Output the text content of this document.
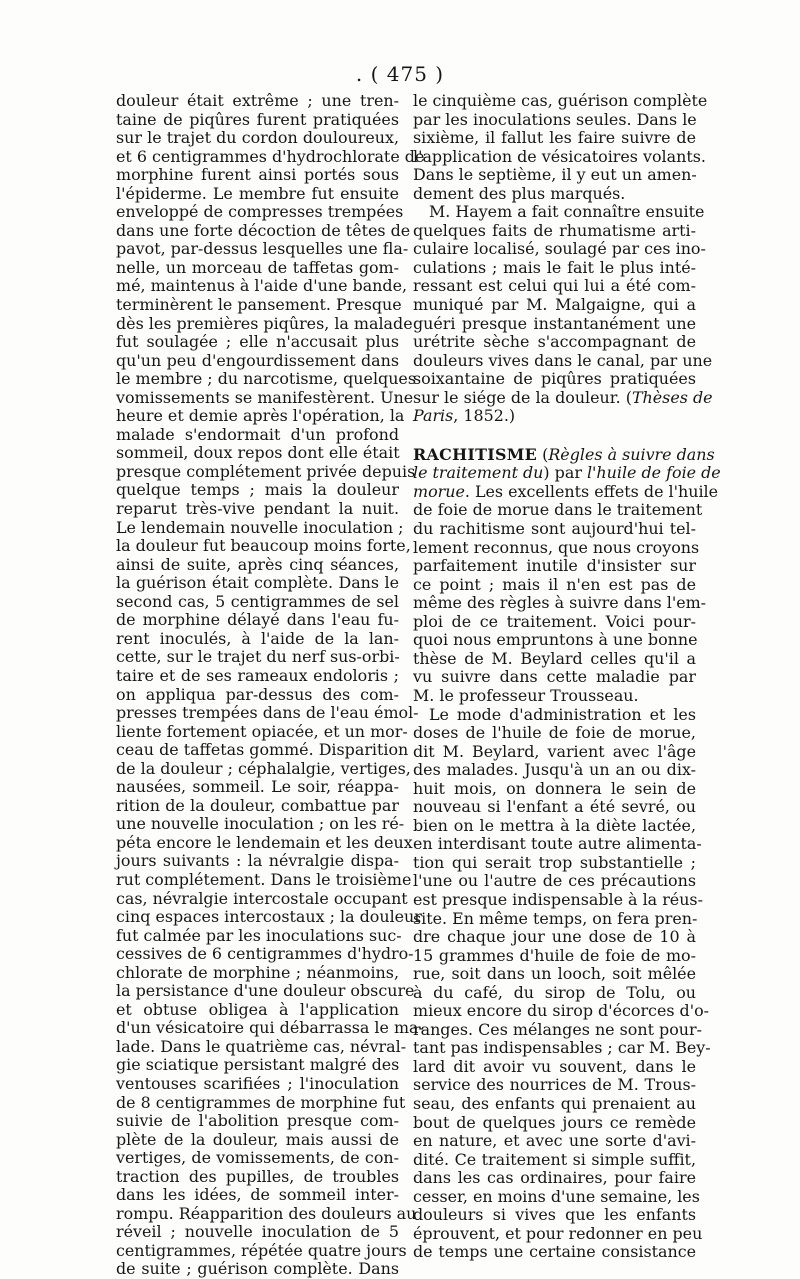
. ( 475 )
douleur était extrême ; une tren-
taine de piqûres furent pratiquées
sur le trajet du cordon douloureux,
et 6 centigrammes d'hydrochlorate de
morphine furent ainsi portés sous
l'épiderme. Le membre fut ensuite
enveloppé de compresses trempées
dans une forte décoction de têtes de
pavot, par-dessus lesquelles une fla-
nelle, un morceau de taffetas gom-
mé, maintenus à l'aide d'une bande,
terminèrent le pansement. Presque
dès les premières piqûres, la malade
fut soulagée ; elle n'accusait plus
qu'un peu d'engourdissement dans
le membre ; du narcotisme, quelques
vomissements se manifestèrent. Une
heure et demie après l'opération, la
malade s'endormait d'un profond
sommeil, doux repos dont elle était
presque complétement privée depuis
quelque temps ; mais la douleur
reparut très-vive pendant la nuit.
Le lendemain nouvelle inoculation ;
la douleur fut beaucoup moins forte,
ainsi de suite, après cinq séances,
la guérison était complète. Dans le
second cas, 5 centigrammes de sel
de morphine délayé dans l'eau fu-
rent inoculés, à l'aide de la lan-
cette, sur le trajet du nerf sus-orbi-
taire et de ses rameaux endoloris ;
on appliqua par-dessus des com-
presses trempées dans de l'eau émol-
liente fortement opiacée, et un mor-
ceau de taffetas gommé. Disparition
de la douleur ; céphalalgie, vertiges,
nausées, sommeil. Le soir, réappa-
rition de la douleur, combattue par
une nouvelle inoculation ; on les ré-
péta encore le lendemain et les deux
jours suivants : la névralgie dispa-
rut complétement. Dans le troisième
cas, névralgie intercostale occupant
cinq espaces intercostaux ; la douleur
fut calmée par les inoculations suc-
cessives de 6 centigrammes d'hydro-
chlorate de morphine ; néanmoins,
la persistance d'une douleur obscure
et obtuse obligea à l'application
d'un vésicatoire qui débarrassa le ma-
lade. Dans le quatrième cas, névral-
gie sciatique persistant malgré des
ventouses scarifiées ; l'inoculation
de 8 centigrammes de morphine fut
suivie de l'abolition presque com-
plète de la douleur, mais aussi de
vertiges, de vomissements, de con-
traction des pupilles, de troubles
dans les idées, de sommeil inter-
rompu. Réapparition des douleurs au
réveil ; nouvelle inoculation de 5
centigrammes, répétée quatre jours
de suite ; guérison complète. Dans
le cinquième cas, guérison complète
par les inoculations seules. Dans le
sixième, il fallut les faire suivre de
l'application de vésicatoires volants.
Dans le septième, il y eut un amen-
dement des plus marqués.
M. Hayem a fait connaître ensuite
quelques faits de rhumatisme arti-
culaire localisé, soulagé par ces ino-
culations ; mais le fait le plus inté-
ressant est celui qui lui a été com-
muniqué par M. Malgaigne, qui a
guéri presque instantanément une
urétrite sèche s'accompagnant de
douleurs vives dans le canal, par une
soixantaine de piqûres pratiquées
sur le siége de la douleur. (Thèses de
Paris, 1852.)
RACHITISME (Règles à suivre dans
le traitement du) par l'huile de foie de
morue. Les excellents effets de l'huile
de foie de morue dans le traitement
du rachitisme sont aujourd'hui tel-
lement reconnus, que nous croyons
parfaitement inutile d'insister sur
ce point ; mais il n'en est pas de
même des règles à suivre dans l'em-
ploi de ce traitement. Voici pour-
quoi nous empruntons à une bonne
thèse de M. Beylard celles qu'il a
vu suivre dans cette maladie par
M. le professeur Trousseau.
Le mode d'administration et les
doses de l'huile de foie de morue,
dit M. Beylard, varient avec l'âge
des malades. Jusqu'à un an ou dix-
huit mois, on donnera le sein de
nouveau si l'enfant a été sevré, ou
bien on le mettra à la diète lactée,
en interdisant toute autre alimenta-
tion qui serait trop substantielle ;
l'une ou l'autre de ces précautions
est presque indispensable à la réus-
site. En même temps, on fera pren-
dre chaque jour une dose de 10 à
15 grammes d'huile de foie de mo-
rue, soit dans un looch, soit mêlée
à du café, du sirop de Tolu, ou
mieux encore du sirop d'écorces d'o-
ranges. Ces mélanges ne sont pour-
tant pas indispensables ; car M. Bey-
lard dit avoir vu souvent, dans le
service des nourrices de M. Trous-
seau, des enfants qui prenaient au
bout de quelques jours ce remède
en nature, et avec une sorte d'avi-
dité. Ce traitement si simple suffit,
dans les cas ordinaires, pour faire
cesser, en moins d'une semaine, les
douleurs si vives que les enfants
éprouvent, et pour redonner en peu
de temps une certaine consistance
